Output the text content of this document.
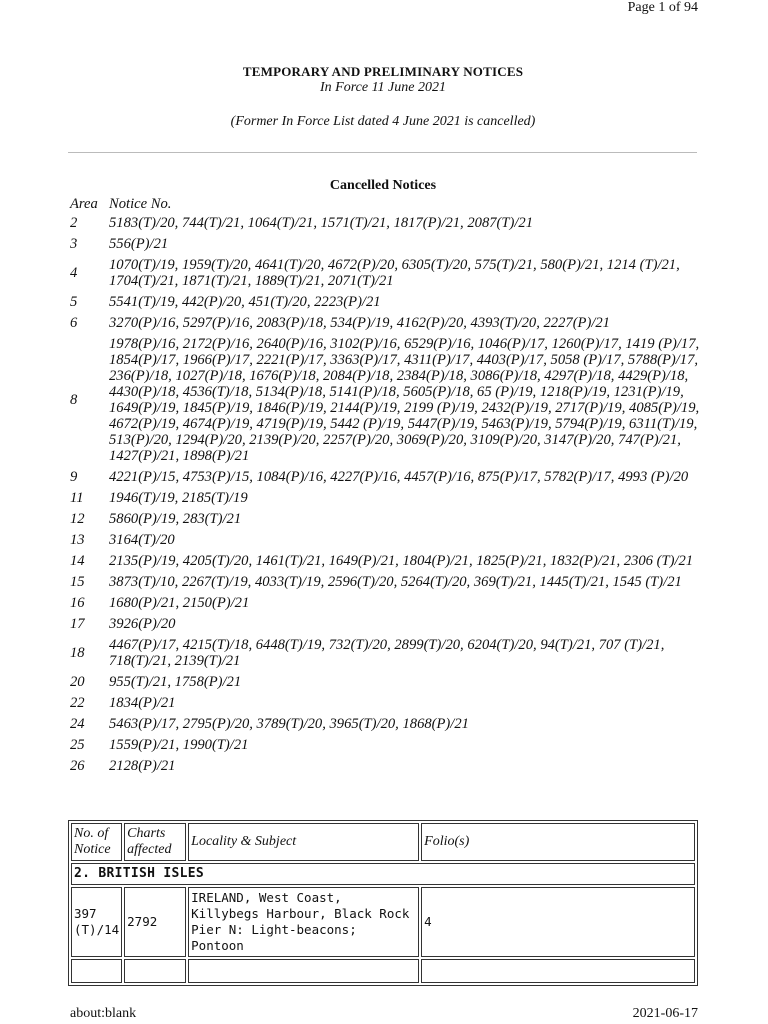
Page 1 of 94
TEMPORARY AND PRELIMINARY NOTICES
In Force 11 June 2021
(Former In Force List dated 4 June 2021 is cancelled)
Cancelled Notices
Area	Notice No.
2	5183(T)/20, 744(T)/21, 1064(T)/21, 1571(T)/21, 1817(P)/21, 2087(T)/21
3	556(P)/21
4	1070(T)/19, 1959(T)/20, 4641(T)/20, 4672(P)/20, 6305(T)/20, 575(T)/21, 580(P)/21, 1214 (T)/21, 1704(T)/21, 1871(T)/21, 1889(T)/21, 2071(T)/21
5	5541(T)/19, 442(P)/20, 451(T)/20, 2223(P)/21
6	3270(P)/16, 5297(P)/16, 2083(P)/18, 534(P)/19, 4162(P)/20, 4393(T)/20, 2227(P)/21
8	1978(P)/16, 2172(P)/16, 2640(P)/16, 3102(P)/16, 6529(P)/16, 1046(P)/17, 1260(P)/17, 1419 (P)/17, 1854(P)/17, 1966(P)/17, 2221(P)/17, 3363(P)/17, 4311(P)/17, 4403(P)/17, 5058 (P)/17, 5788(P)/17, 236(P)/18, 1027(P)/18, 1676(P)/18, 2084(P)/18, 2384(P)/18, 3086(P)/18, 4297(P)/18, 4429(P)/18, 4430(P)/18, 4536(T)/18, 5134(P)/18, 5141(P)/18, 5605(P)/18, 65 (P)/19, 1218(P)/19, 1231(P)/19, 1649(P)/19, 1845(P)/19, 1846(P)/19, 2144(P)/19, 2199 (P)/19, 2432(P)/19, 2717(P)/19, 4085(P)/19, 4672(P)/19, 4674(P)/19, 4719(P)/19, 5442 (P)/19, 5447(P)/19, 5463(P)/19, 5794(P)/19, 6311(T)/19, 513(P)/20, 1294(P)/20, 2139(P)/20, 2257(P)/20, 3069(P)/20, 3109(P)/20, 3147(P)/20, 747(P)/21, 1427(P)/21, 1898(P)/21
9	4221(P)/15, 4753(P)/15, 1084(P)/16, 4227(P)/16, 4457(P)/16, 875(P)/17, 5782(P)/17, 4993 (P)/20
11	1946(T)/19, 2185(T)/19
12	5860(P)/19, 283(T)/21
13	3164(T)/20
14	2135(P)/19, 4205(T)/20, 1461(T)/21, 1649(P)/21, 1804(P)/21, 1825(P)/21, 1832(P)/21, 2306 (T)/21
15	3873(T)/10, 2267(T)/19, 4033(T)/19, 2596(T)/20, 5264(T)/20, 369(T)/21, 1445(T)/21, 1545 (T)/21
16	1680(P)/21, 2150(P)/21
17	3926(P)/20
18	4467(P)/17, 4215(T)/18, 6448(T)/19, 732(T)/20, 2899(T)/20, 6204(T)/20, 94(T)/21, 707 (T)/21, 718(T)/21, 2139(T)/21
20	955(T)/21, 1758(P)/21
22	1834(P)/21
24	5463(P)/17, 2795(P)/20, 3789(T)/20, 3965(T)/20, 1868(P)/21
25	1559(P)/21, 1990(T)/21
26	2128(P)/21
No. of Notice	Charts affected	Locality & Subject	Folio(s)
2. BRITISH ISLES			
397 (T)/14	2792	IRELAND, West Coast, Killybegs Harbour, Black Rock Pier N: Light-beacons; Pontoon	4

about:blank	2021-06-17
